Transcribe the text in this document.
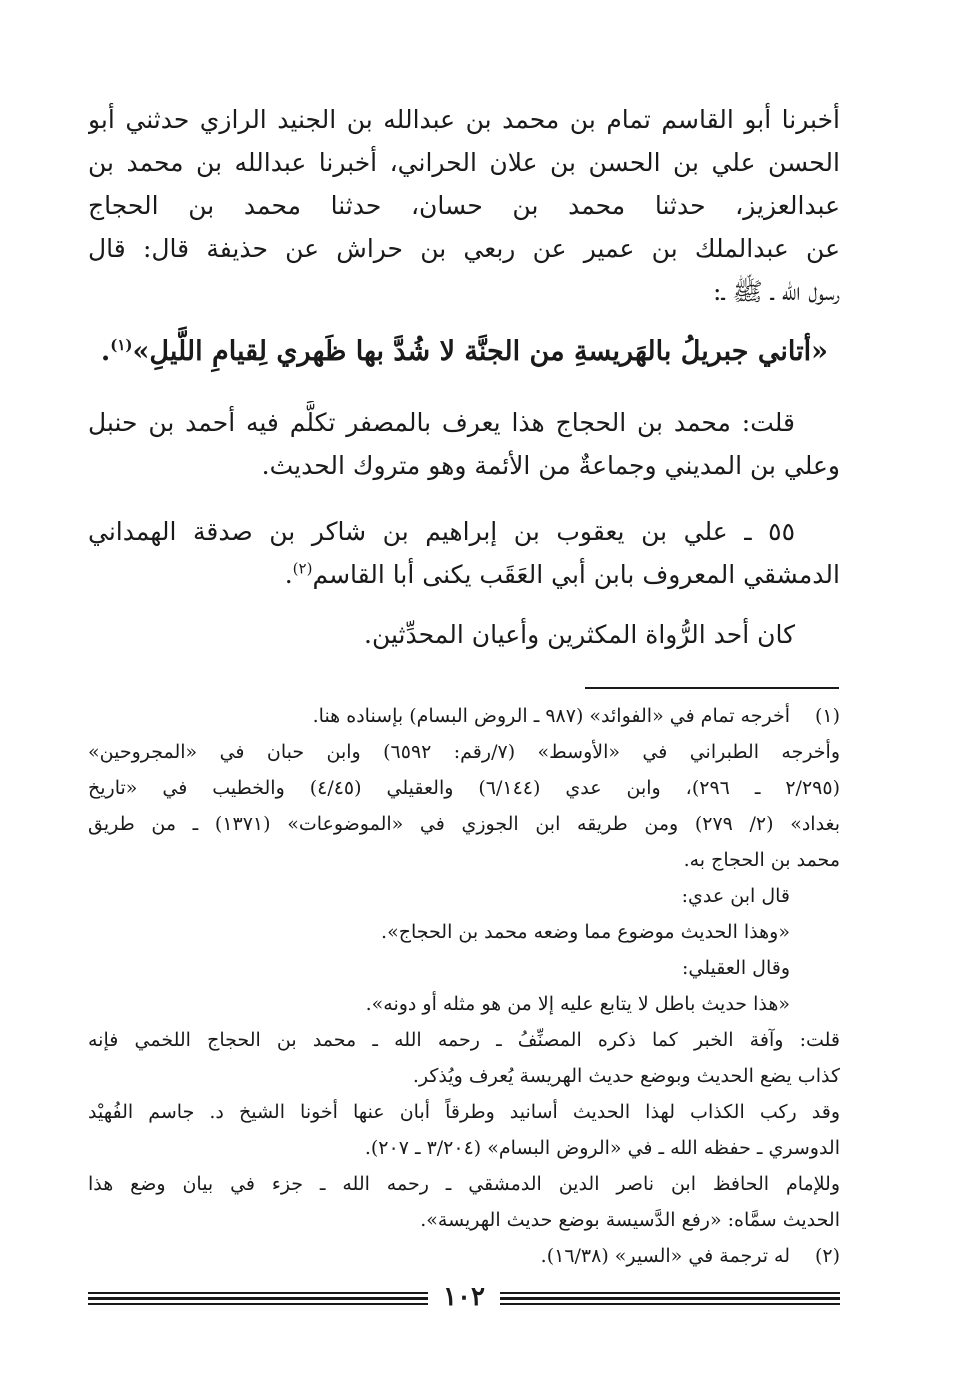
أخبرنا أبو القاسم تمام بن محمد بن عبدالله بن الجنيد الرازي حدثني أبو
الحسن علي بن الحسن بن علان الحراني، أخبرنا عبدالله بن محمد بن
عبدالعزيز، حدثنا محمد بن حسان، حدثنا محمد بن الحجاج
عن عبدالملك بن عمير عن ربعي بن حراش عن حذيفة قال: قال
رسول الله ـ ﷺ ـ:
«أتاني جبريلُ بالهَريسةِ من الجنَّة لا شُدَّ بها ظَهري لِقيامِ اللَّيلِ»$^{(١)}$.
قلت: محمد بن الحجاج هذا يعرف بالمصفر تكلَّم فيه أحمد بن حنبل
وعلي بن المديني وجماعةٌ من الأئمة وهو متروك الحديث.
٥٥ ـ علي بن يعقوب بن إبراهيم بن شاكر بن صدقة الهمداني
الدمشقي المعروف بابن أبي العَقَب يكنى أبا القاسم$^{(٢)}$.
كان أحد الرُّواة المكثرين وأعيان المحدِّثين.
(١)
أخرجه تمام في «الفوائد» (٩٨٧ ـ الروض البسام) بإسناده هنا.
وأخرجه الطبراني في «الأوسط» (٧/رقم: ٦٥٩٢) وابن حبان في «المجروحين»
(٢/٢٩٥ ـ ٢٩٦)، وابن عدي (٦/١٤٤) والعقيلي (٤/٤٥) والخطيب في «تاريخ
بغداد» (٢/ ٢٧٩) ومن طريقه ابن الجوزي في «الموضوعات» (١٣٧١) ـ من طريق
محمد بن الحجاج به.
قال ابن عدي:
«وهذا الحديث موضوع مما وضعه محمد بن الحجاج».
وقال العقيلي:
«هذا حديث باطل لا يتابع عليه إلا من هو مثله أو دونه».
قلت: وآفة الخبر كما ذكره المصنِّفُ ـ رحمه الله ـ محمد بن الحجاج اللخمي فإنه
كذاب يضع الحديث وبوضع حديث الهريسة يُعرف ويُذكر.
وقد ركب الكذاب لهذا الحديث أسانيد وطرقاً أبان عنها أخونا الشيخ د. جاسم الفُهيْد
الدوسري ـ حفظه الله ـ في «الروض البسام» (٣/٢٠٤ ـ ٢٠٧).
وللإمام الحافظ ابن ناصر الدين الدمشقي ـ رحمه الله ـ جزء في بيان وضع هذا
الحديث سمَّاه: «رفع الدَّسيسة بوضع حديث الهريسة».
(٢)
له ترجمة في «السير» (١٦/٣٨).
١٠٢
